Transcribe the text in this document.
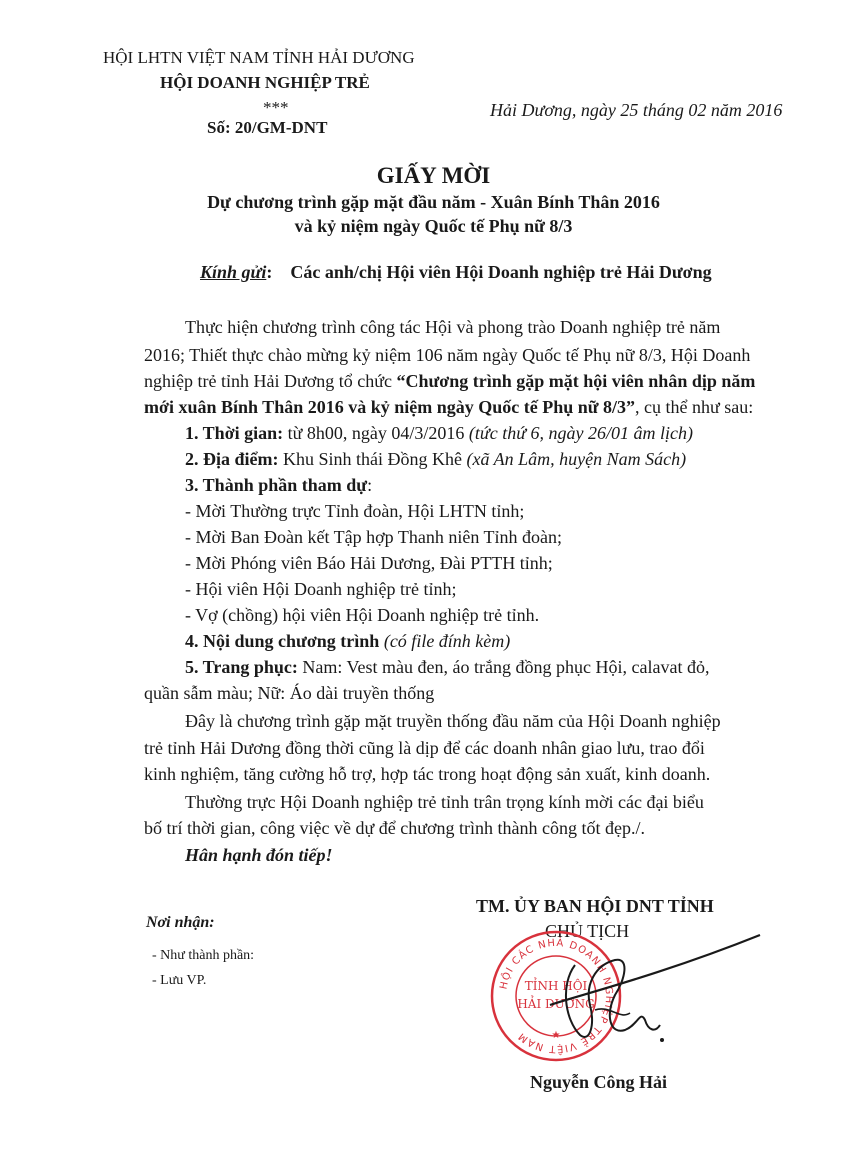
HỘI LHTN VIỆT NAM TỈNH HẢI DƯƠNG
HỘI DOANH NGHIỆP TRẺ
***
Số: 20/GM-DNT
Hải Dương, ngày 25 tháng 02 năm 2016
GIẤY MỜI
Dự chương trình gặp mặt đầu năm - Xuân Bính Thân 2016
và kỷ niệm ngày Quốc tế Phụ nữ 8/3
Kính gửi: Các anh/chị Hội viên Hội Doanh nghiệp trẻ Hải Dương
Thực hiện chương trình công tác Hội và phong trào Doanh nghiệp trẻ năm
2016; Thiết thực chào mừng kỷ niệm 106 năm ngày Quốc tế Phụ nữ 8/3, Hội Doanh
nghiệp trẻ tỉnh Hải Dương tổ chức “Chương trình gặp mặt hội viên nhân dịp năm
mới xuân Bính Thân 2016 và kỷ niệm ngày Quốc tế Phụ nữ 8/3”, cụ thể như sau:
1. Thời gian: từ 8h00, ngày 04/3/2016 (tức thứ 6, ngày 26/01 âm lịch)
2. Địa điểm: Khu Sinh thái Đồng Khê (xã An Lâm, huyện Nam Sách)
3. Thành phần tham dự:
- Mời Thường trực Tỉnh đoàn, Hội LHTN tỉnh;
- Mời Ban Đoàn kết Tập hợp Thanh niên Tỉnh đoàn;
- Mời Phóng viên Báo Hải Dương, Đài PTTH tỉnh;
- Hội viên Hội Doanh nghiệp trẻ tỉnh;
- Vợ (chồng) hội viên Hội Doanh nghiệp trẻ tỉnh.
4. Nội dung chương trình (có file đính kèm)
5. Trang phục: Nam: Vest màu đen, áo trắng đồng phục Hội, calavat đỏ,
quần sẫm màu; Nữ: Áo dài truyền thống
Đây là chương trình gặp mặt truyền thống đầu năm của Hội Doanh nghiệp
trẻ tỉnh Hải Dương đồng thời cũng là dịp để các doanh nhân giao lưu, trao đổi
kinh nghiệm, tăng cường hỗ trợ, hợp tác trong hoạt động sản xuất, kinh doanh.
Thường trực Hội Doanh nghiệp trẻ tỉnh trân trọng kính mời các đại biểu
bố trí thời gian, công việc về dự để chương trình thành công tốt đẹp./.
Hân hạnh đón tiếp!
Nơi nhận:
- Như thành phần:
- Lưu VP.
TM. ỦY BAN HỘI DNT TỈNH
CHỦ TỊCH
HỘI CÁC NHÀ DOANH NGHIỆP TRẺ VIỆT NAM
TỈNH HỘI
HẢI DƯƠNG
★
Nguyễn Công Hải
